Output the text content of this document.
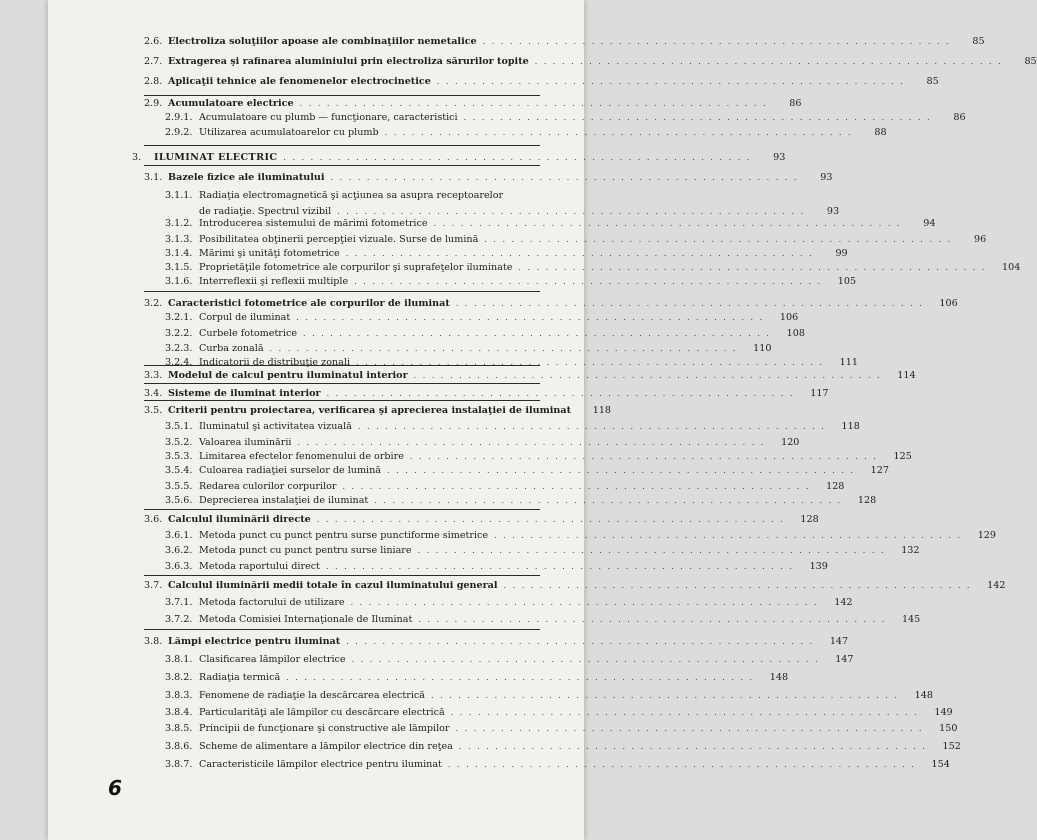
2.6. Electroliza soluţiilor apoase ale combinaţiilor nemetalice . . . . . . . . . . . . . . . . . . . . . . . . . . . . . . . . . . . . . . . . . . . . . . . . . . . .	85
2.7. Extragerea şi rafinarea aluminiului prin electroliza sărurilor topite . . . . . . . . . . . . . . . . . . . . . . . . . . . . . . . . . . . . . . . . . . . . . . . . . . . .	85
2.8. Aplicaţii tehnice ale fenomenelor electrocinetice . . . . . . . . . . . . . . . . . . . . . . . . . . . . . . . . . . . . . . . . . . . . . . . . . . . .	85
2.9. Acumulatoare electrice . . . . . . . . . . . . . . . . . . . . . . . . . . . . . . . . . . . . . . . . . . . . . . . . . . . .	86
2.9.1. Acumulatoare cu plumb — funcţionare, caracteristici . . . . . . . . . . . . . . . . . . . . . . . . . . . . . . . . . . . . . . . . . . . . . . . . . . . .	86
2.9.2. Utilizarea acumulatoarelor cu plumb . . . . . . . . . . . . . . . . . . . . . . . . . . . . . . . . . . . . . . . . . . . . . . . . . . . .	88
3.	ILUMINAT ELECTRIC . . . . . . . . . . . . . . . . . . . . . . . . . . . . . . . . . . . . . . . . . . . . . . . . . . . .	93
3.1. Bazele fizice ale iluminatului . . . . . . . . . . . . . . . . . . . . . . . . . . . . . . . . . . . . . . . . . . . . . . . . . . . .	93
3.1.1. Radiaţia electromagnetică şi acţiunea sa asupra receptoarelor
de radiaţie. Spectrul vizibil . . . . . . . . . . . . . . . . . . . . . . . . . . . . . . . . . . . . . . . . . . . . . . . . . . . .	93
3.1.2. Introducerea sistemului de mărimi fotometrice . . . . . . . . . . . . . . . . . . . . . . . . . . . . . . . . . . . . . . . . . . . . . . . . . . . .	94
3.1.3. Posibilitatea obţinerii percepţiei vizuale. Surse de lumină . . . . . . . . . . . . . . . . . . . . . . . . . . . . . . . . . . . . . . . . . . . . . . . . . . . .	96
3.1.4. Mărimi şi unităţi fotometrice . . . . . . . . . . . . . . . . . . . . . . . . . . . . . . . . . . . . . . . . . . . . . . . . . . . .	99
3.1.5. Proprietăţile fotometrice ale corpurilor şi suprafeţelor iluminate . . . . . . . . . . . . . . . . . . . . . . . . . . . . . . . . . . . . . . . . . . . . . . . . . . . .	104
3.1.6. Interreflexii şi reflexii multiple . . . . . . . . . . . . . . . . . . . . . . . . . . . . . . . . . . . . . . . . . . . . . . . . . . . .	105
3.2. Caracteristici fotometrice ale corpurilor de iluminat . . . . . . . . . . . . . . . . . . . . . . . . . . . . . . . . . . . . . . . . . . . . . . . . . . . .	106
3.2.1. Corpul de iluminat . . . . . . . . . . . . . . . . . . . . . . . . . . . . . . . . . . . . . . . . . . . . . . . . . . . .	106
3.2.2. Curbele fotometrice . . . . . . . . . . . . . . . . . . . . . . . . . . . . . . . . . . . . . . . . . . . . . . . . . . . .	108
3.2.3. Curba zonală . . . . . . . . . . . . . . . . . . . . . . . . . . . . . . . . . . . . . . . . . . . . . . . . . . . .	110
3.2.4. Indicatorii de distribuţie zonali . . . . . . . . . . . . . . . . . . . . . . . . . . . . . . . . . . . . . . . . . . . . . . . . . . . .	111
3.3. Modelul de calcul pentru iluminatul interior . . . . . . . . . . . . . . . . . . . . . . . . . . . . . . . . . . . . . . . . . . . . . . . . . . . .	114
3.4. Sisteme de iluminat interior . . . . . . . . . . . . . . . . . . . . . . . . . . . . . . . . . . . . . . . . . . . . . . . . . . . .	117
3.5. Criterii pentru proiectarea, verificarea şi aprecierea instalaţiei de iluminat	118
3.5.1. Iluminatul şi activitatea vizuală . . . . . . . . . . . . . . . . . . . . . . . . . . . . . . . . . . . . . . . . . . . . . . . . . . . .	118
3.5.2. Valoarea iluminării . . . . . . . . . . . . . . . . . . . . . . . . . . . . . . . . . . . . . . . . . . . . . . . . . . . .	120
3.5.3. Limitarea efectelor fenomenului de orbire . . . . . . . . . . . . . . . . . . . . . . . . . . . . . . . . . . . . . . . . . . . . . . . . . . . .	125
3.5.4. Culoarea radiaţiei surselor de lumină . . . . . . . . . . . . . . . . . . . . . . . . . . . . . . . . . . . . . . . . . . . . . . . . . . . .	127
3.5.5. Redarea culorilor corpurilor . . . . . . . . . . . . . . . . . . . . . . . . . . . . . . . . . . . . . . . . . . . . . . . . . . . .	128
3.5.6. Deprecierea instalaţiei de iluminat . . . . . . . . . . . . . . . . . . . . . . . . . . . . . . . . . . . . . . . . . . . . . . . . . . . .	128
3.6. Calculul iluminării directe . . . . . . . . . . . . . . . . . . . . . . . . . . . . . . . . . . . . . . . . . . . . . . . . . . . .	128
3.6.1. Metoda punct cu punct pentru surse punctiforme simetrice . . . . . . . . . . . . . . . . . . . . . . . . . . . . . . . . . . . . . . . . . . . . . . . . . . . .	129
3.6.2. Metoda punct cu punct pentru surse liniare . . . . . . . . . . . . . . . . . . . . . . . . . . . . . . . . . . . . . . . . . . . . . . . . . . . .	132
3.6.3. Metoda raportului direct . . . . . . . . . . . . . . . . . . . . . . . . . . . . . . . . . . . . . . . . . . . . . . . . . . . .	139
3.7. Calculul iluminării medii totale în cazul iluminatului general . . . . . . . . . . . . . . . . . . . . . . . . . . . . . . . . . . . . . . . . . . . . . . . . . . . .	142
3.7.1. Metoda factorului de utilizare . . . . . . . . . . . . . . . . . . . . . . . . . . . . . . . . . . . . . . . . . . . . . . . . . . . .	142
3.7.2. Metoda Comisiei Internaţionale de Iluminat . . . . . . . . . . . . . . . . . . . . . . . . . . . . . . . . . . . . . . . . . . . . . . . . . . . .	145
3.8. Lămpi electrice pentru iluminat . . . . . . . . . . . . . . . . . . . . . . . . . . . . . . . . . . . . . . . . . . . . . . . . . . . .	147
3.8.1. Clasificarea lămpilor electrice . . . . . . . . . . . . . . . . . . . . . . . . . . . . . . . . . . . . . . . . . . . . . . . . . . . .	147
3.8.2. Radiaţia termică . . . . . . . . . . . . . . . . . . . . . . . . . . . . . . . . . . . . . . . . . . . . . . . . . . . .	148
3.8.3. Fenomene de radiaţie la descărcarea electrică . . . . . . . . . . . . . . . . . . . . . . . . . . . . . . . . . . . . . . . . . . . . . . . . . . . .	148
3.8.4. Particularităţi ale lămpilor cu descărcare electrică . . . . . . . . . . . . . . . . . . . . . . . . . . . . . . . . . . . . . . . . . . . . . . . . . . . .	149
3.8.5. Principii de funcţionare şi constructive ale lămpilor . . . . . . . . . . . . . . . . . . . . . . . . . . . . . . . . . . . . . . . . . . . . . . . . . . . .	150
3.8.6. Scheme de alimentare a lămpilor electrice din reţea . . . . . . . . . . . . . . . . . . . . . . . . . . . . . . . . . . . . . . . . . . . . . . . . . . . .	152
3.8.7. Caracteristicile lămpilor electrice pentru iluminat . . . . . . . . . . . . . . . . . . . . . . . . . . . . . . . . . . . . . . . . . . . . . . . . . . . .	154
6
